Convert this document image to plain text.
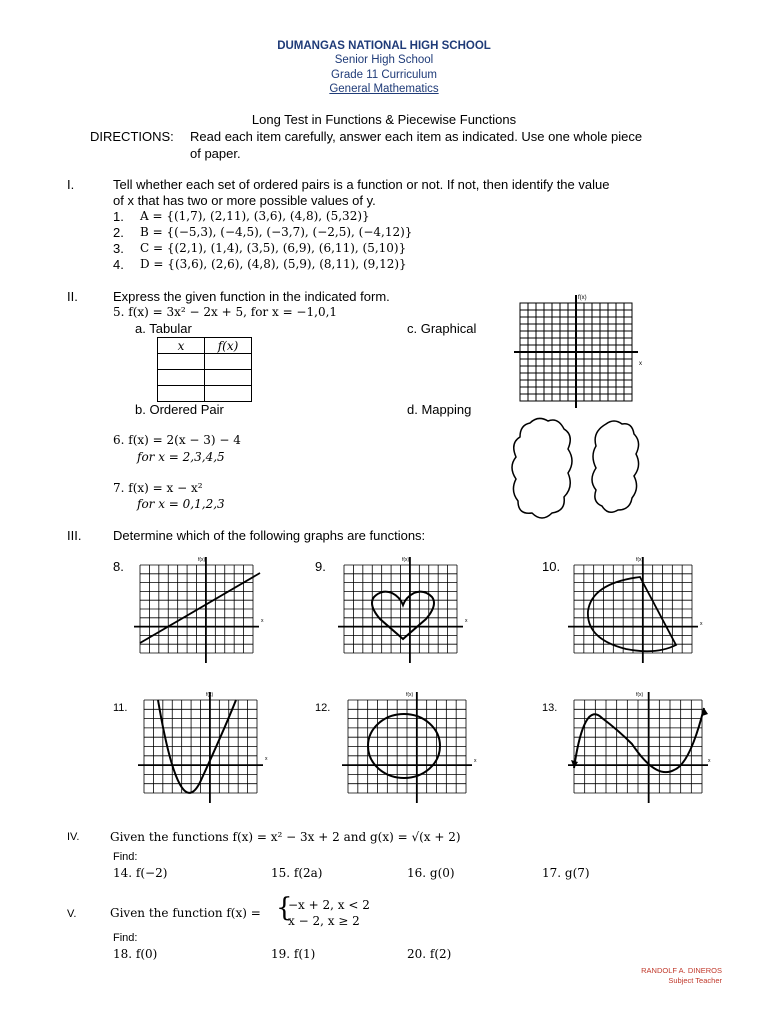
DUMANGAS NATIONAL HIGH SCHOOL
Senior High School
Grade 11 Curriculum
General Mathematics
Long Test in Functions & Piecewise Functions
DIRECTIONS: Read each item carefully, answer each item as indicated. Use one whole piece
of paper.
I.	Tell whether each set of ordered pairs is a function or not. If not, then identify the value
of x that has two or more possible values of y.
1. A = {(1,7), (2,11), (3,6), (4,8), (5,32)}
2. B = {(−5,3), (−4,5), (−3,7), (−2,5), (−4,12)}
3. C = {(2,1), (1,4), (3,5), (6,9), (6,11), (5,10)}
4. D = {(3,6), (2,6), (4,8), (5,9), (8,11), (9,12)}
II.	Express the given function in the indicated form.
5. f(x) = 3x² − 2x + 5, for x = −1,0,1
a. Tabular	c. Graphical
x	f(x)

b. Ordered Pair	d. Mapping
6. f(x) = 2(x − 3) − 4
for x = 2,3,4,5
7. f(x) = x − x²
for x = 0,1,2,3
f(x)
x
III. Determine which of the following graphs are functions:
8.	9.	10.
11.	12.	13.
f(x)
x
f(x)
x
f(x)
x
f(x)
x
f(x)
x
f(x)
x
IV.	Given the functions f(x) = x² − 3x + 2 and g(x) = √(x + 2)
Find:
14. f(−2)	15. f(2a)	16. g(0)	17. g(7)
V.	Given the function f(x) = {
−x + 2, x < 2
x − 2, x ≥ 2
Find:
18. f(0)	19. f(1)	20. f(2)
RANDOLF A. DINEROS
Subject Teacher
